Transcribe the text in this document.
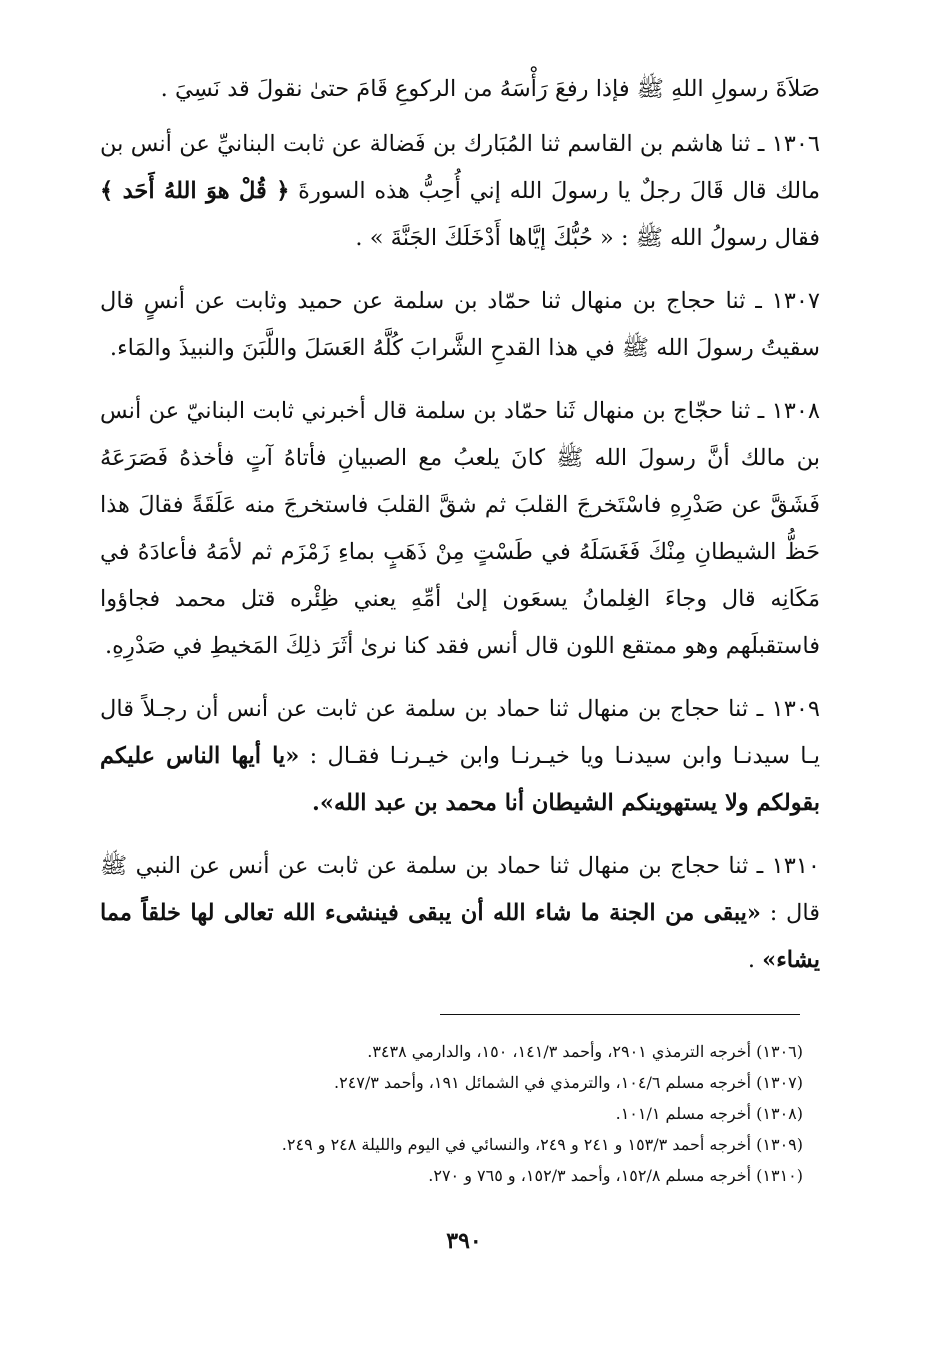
صَلاَةَ رسولِ اللهِ ﷺ فإذا رفعَ رَأْسَهُ من الركوعِ قَامَ حتىٰ نقولَ قد نَسِيَ .

١٣٠٦ ـ ثنا هاشم بن القاسم ثنا المُبَارك بن فَضالة عن ثابت البنانيِّ عن أنس بن مالك قال قَالَ رجلٌ يا رسولَ الله إني أُحِبُّ هذه السورةَ ﴿ قُلْ هوَ اللهُ أَحَد ﴾ فقال رسولُ الله ﷺ : « حُبُّكَ إيَّاها أَدْخَلَكَ الجَنَّةَ » .

١٣٠٧ ـ ثنا حجاج بن منهال ثنا حمّاد بن سلمة عن حميد وثابت عن أنسٍ قال سقيتُ رسولَ الله ﷺ في هذا القدحِ الشَّرابَ كُلَّهُ العَسَلَ واللَّبَنَ والنبيذَ والمَاء.

١٣٠٨ ـ ثنا حجّاج بن منهال ثَنا حمّاد بن سلمة قال أخبرني ثابت البنانيّ عن أنس بن مالك أنَّ رسولَ الله ﷺ كانَ يلعبُ مع الصبيانِ فأتاهُ آتٍ فأخذهُ فَصَرَعَهُ فَشَقَّ عن صَدْرِهِ فاسْتَخرجَ القلبَ ثم شقَّ القلبَ فاستخرجَ منه عَلَقَةً فقالَ هذا حَظُّ الشيطانِ مِنْكَ فَغَسَلَهُ في طَسْتٍ مِنْ ذَهَبٍ بماءِ زَمْزَم ثم لأمَهُ فأعادَهُ في مَكَانِه قال وجاءَ الغِلمانُ يسعَون إلىٰ أمِّهِ يعني ظِئْره قتل محمد فجاؤوا فاستقبلَهم وهو ممتقع اللون قال أنس فقد كنا نرىٰ أثَرَ ذلِكَ المَخيطِ في صَدْرِهِ.

١٣٠٩ ـ ثنا حجاج بن منهال ثنا حماد بن سلمة عن ثابت عن أنس أن رجـلاً قال يـا سيدنـا وابن سيدنـا ويا خيـرنـا وابن خيـرنـا فقـال : «يا أيها الناس عليكم بقولكم ولا يستهوينكم الشيطان أنا محمد بن عبد الله».

١٣١٠ ـ ثنا حجاج بن منهال ثنا حماد بن سلمة عن ثابت عن أنس عن النبي ﷺ قال : «يبقى من الجنة ما شاء الله أن يبقى فينشىء الله تعالى لها خلقاً مما يشاء» .

(١٣٠٦) أخرجه الترمذي ٢٩٠١، وأحمد ١٤١/٣، ١٥٠، والدارمي ٣٤٣٨.
(١٣٠٧) أخرجه مسلم ١٠٤/٦، والترمذي في الشمائل ١٩١، وأحمد ٢٤٧/٣.
(١٣٠٨) أخرجه مسلم ١٠١/١.
(١٣٠٩) أخرجه أحمد ١٥٣/٣ و ٢٤١ و ٢٤٩، والنسائي في اليوم والليلة ٢٤٨ و ٢٤٩.
(١٣١٠) أخرجه مسلم ١٥٢/٨، وأحمد ١٥٢/٣، و ٧٦٥ و ٢٧٠.
٣٩٠
